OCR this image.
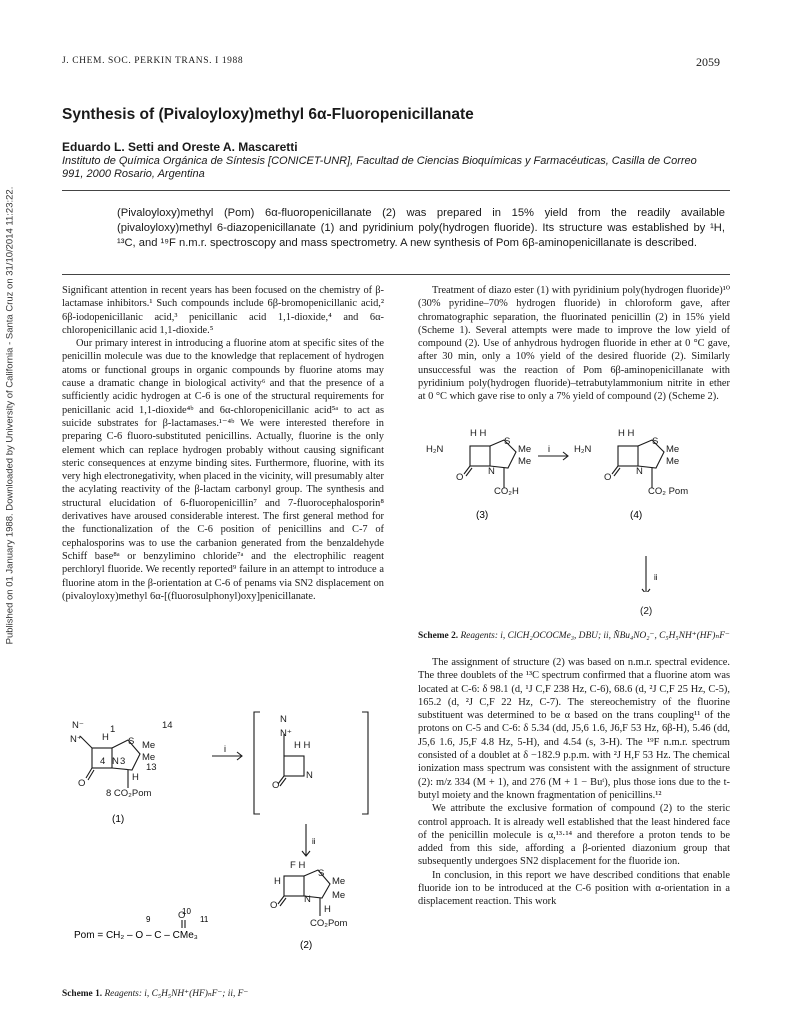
Published on 01 January 1988. Downloaded by University of California - Santa Cruz on 31/10/2014 11:23:22.
J. CHEM. SOC. PERKIN TRANS. I 1988	2059
Synthesis of (Pivaloyloxy)methyl 6α-Fluoropenicillanate
Eduardo L. Setti and Oreste A. Mascaretti
Instituto de Química Orgánica de Síntesis [CONICET-UNR], Facultad de Ciencias Bioquímicas y Farmacéuticas, Casilla de Correo 991, 2000 Rosario, Argentina
(Pivaloyloxy)methyl (Pom) 6α-fluoropenicillanate (2) was prepared in 15% yield from the readily available (pivaloyloxy)methyl 6-diazopenicillanate (1) and pyridinium poly(hydrogen fluoride). Its structure was established by ¹H, ¹³C, and ¹⁹F n.m.r. spectroscopy and mass spectrometry. A new synthesis of Pom 6β-aminopenicillanate is described.

Significant attention in recent years has been focused on the chemistry of β-lactamase inhibitors.¹ Such compounds include 6β-bromopenicillanic acid,² 6β-iodopenicillanic acid,³ penicillanic acid 1,1-dioxide,⁴ and 6α-chloropenicillanic acid 1,1-dioxide.⁵

Our primary interest in introducing a fluorine atom at specific sites of the penicillin molecule was due to the knowledge that replacement of hydrogen atoms or functional groups in organic compounds by fluorine atoms may cause a dramatic change in biological activity⁶ and that the presence of a sufficiently acidic hydrogen at C-6 is one of the structural requirements for penicillanic acid 1,1-dioxide⁴ᵇ and 6α-chloropenicillanic acid⁵ᵃ to act as suicide substrates for β-lactamases.¹⁻⁴ᵇ We were interested therefore in preparing C-6 fluoro-substituted penicillins. Actually, fluorine is the only element which can replace hydrogen probably without causing significant steric consequences at enzyme binding sites. Furthermore, fluorine, with its very high electronegativity, when placed in the vicinity, will presumably alter the acylating reactivity of the β-lactam carbonyl group. The synthesis and structural elucidation of 6-fluoropenicillin⁷ and 7-fluorocephalosporin⁸ derivatives have aroused considerable interest. The first general method for the functionalization of the C-6 position of penicillins and C-7 of cephalosporins was to use the carbanion generated from the benzaldehyde Schiff base⁸ᵃ or benzylimino chloride⁷ᵃ and the electrophilic reagent perchloryl fluoride. We recently reported⁹ failure in an attempt to introduce a fluorine atom in the β-orientation at C-6 of penams via SN2 displacement on (pivaloyloxy)methyl 6α-[(fluorosulphonyl)oxy]penicillanate.

Treatment of diazo ester (1) with pyridinium poly(hydrogen fluoride)¹⁰ (30% pyridine–70% hydrogen fluoride) in chloroform gave, after chromatographic separation, the fluorinated penicillin (2) in 15% yield (Scheme 1). Several attempts were made to improve the low yield of compound (2). Use of anhydrous hydrogen fluoride in ether at 0 °C gave, after 30 min, only a 10% yield of the desired fluoride (2). Similarly unsuccessful was the reaction of Pom 6β-aminopenicillanate with pyridinium poly(hydrogen fluoride)–tetrabutylammonium nitrite in ether at 0 °C which gave rise to only a 7% yield of compound (2) (Scheme 2).

H₂N
H H
S
Me
Me
N
O
CO₂H
H₂N
H H
S
Me
Me
N
O
CO₂ Pom
i
(3)	(4)
ii
(2)
Scheme 2. Reagents: i, ClCH₂OCOCMe₃, DBU; ii, N̂Bu₄NO₂⁻, C₅H₅NH⁺(HF)ₙF⁻

The assignment of structure (2) was based on n.m.r. spectral evidence. The three doublets of the ¹³C spectrum confirmed that a fluorine atom was located at C-6: δ 98.1 (d, ¹J C,F 238 Hz, C-6), 68.6 (d, ²J C,F 25 Hz, C-5), 165.2 (d, ²J C,F 22 Hz, C-7). The stereochemistry of the fluorine substituent was determined to be α based on the trans coupling¹¹ of the protons on C-5 and C-6: δ 5.34 (dd, J5,6 1.6, J6,F 53 Hz, 6β-H), 5.46 (dd, J5,6 1.6, J5,F 4.8 Hz, 5-H), and 4.54 (s, 3-H). The ¹⁹F n.m.r. spectrum consisted of a doublet at δ −182.9 p.p.m. with ²J H,F 53 Hz. The chemical ionization mass spectrum was consistent with the assignment of structure (2): m/z 334 (M + 1), and 276 (M + 1 − Buᵗ), plus those ions due to the t-butyl moiety and the known fragmentation of penicillins.¹²

We attribute the exclusive formation of compound (2) to the steric control approach. It is already well established that the least hindered face of the penicillin molecule is α,¹³·¹⁴ and therefore a proton tends to be added from this side, affording a β-oriented diazonium group that subsequently undergoes SN2 displacement for the fluoride ion.

In conclusion, in this report we have described conditions that enable fluoride ion to be introduced at the C-6 position with α-orientation in a displacement reaction. This work

N⁻
N⁺ H
1	14
S Me
Me
13
4 N 3
O
H
8 CO₂Pom
N
N⁺
H H
O
N
F H
H
S
Me
Me
N
O	H
CO₂Pom
O
i
ii
(1)
(2)
9
10
11
Pom = CH₂ – O – C – CMe₃
Scheme 1. Reagents: i, C₅H₅NH⁺(HF)ₙF⁻; ii, F⁻
